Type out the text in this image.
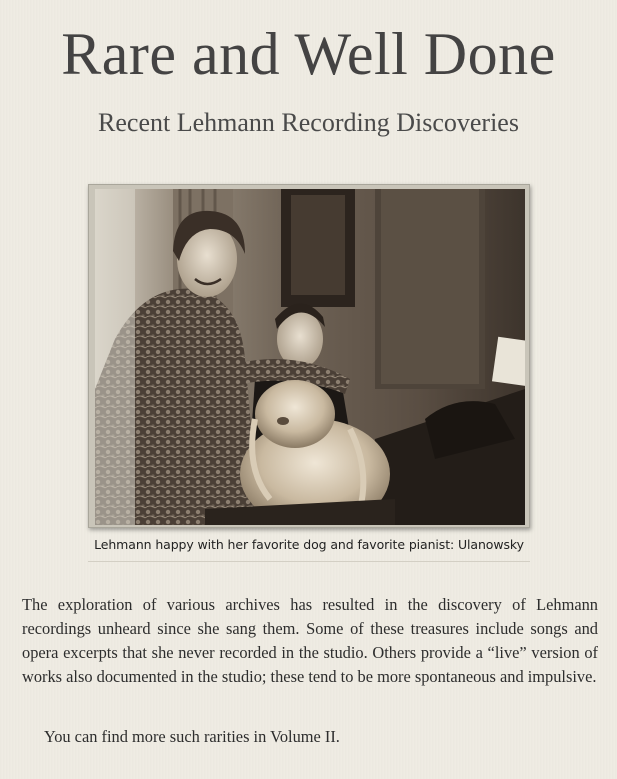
Rare and Well Done
Recent Lehmann Recording Discoveries
Lehmann happy with her favorite dog and favorite pianist: Ulanowsky

The exploration of various archives has resulted in the discovery of Lehmann recordings unheard since she sang them. Some of these treasures include songs and opera excerpts that she never recorded in the studio. Others provide a “live” version of works also documented in the studio; these tend to be more spontaneous and impulsive.

You can find more such rarities in Volume II.
